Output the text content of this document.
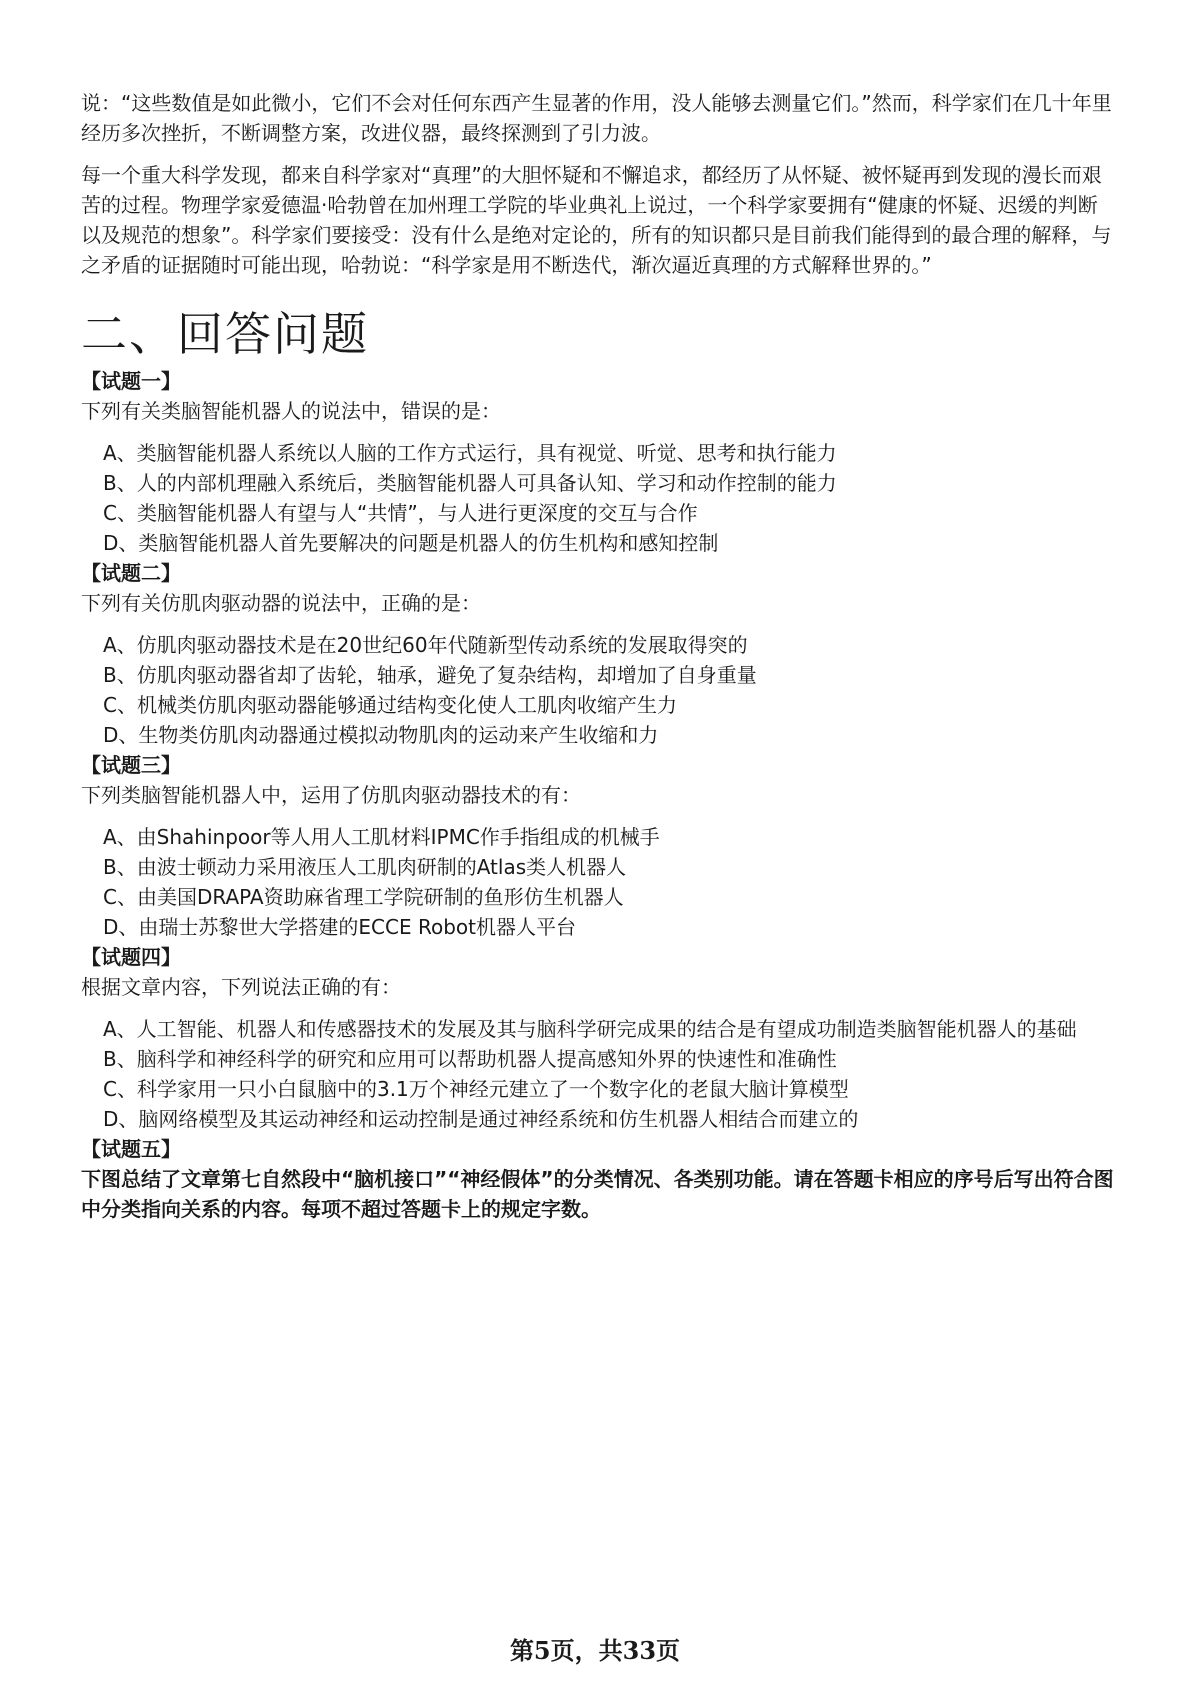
说：“这些数值是如此微小，它们不会对任何东西产生显著的作用，没人能够去测量它们。”然而，科学家们在几十年里经历多次挫折，不断调整方案，改进仪器，最终探测到了引力波。

每一个重大科学发现，都来自科学家对“真理”的大胆怀疑和不懈追求，都经历了从怀疑、被怀疑再到发现的漫长而艰苦的过程。物理学家爱德温·哈勃曾在加州理工学院的毕业典礼上说过，一个科学家要拥有“健康的怀疑、迟缓的判断以及规范的想象”。科学家们要接受：没有什么是绝对定论的，所有的知识都只是目前我们能得到的最合理的解释，与之矛盾的证据随时可能出现，哈勃说：“科学家是用不断迭代，渐次逼近真理的方式解释世界的。”

二、回答问题

【试题一】

下列有关类脑智能机器人的说法中，错误的是：

A、类脑智能机器人系统以人脑的工作方式运行，具有视觉、听觉、思考和执行能力
B、人的内部机理融入系统后，类脑智能机器人可具备认知、学习和动作控制的能力
C、类脑智能机器人有望与人“共情”，与人进行更深度的交互与合作
D、类脑智能机器人首先要解决的问题是机器人的仿生机构和感知控制

【试题二】

下列有关仿肌肉驱动器的说法中，正确的是：

A、仿肌肉驱动器技术是在20世纪60年代随新型传动系统的发展取得突的
B、仿肌肉驱动器省却了齿轮，轴承，避免了复杂结构，却增加了自身重量
C、机械类仿肌肉驱动器能够通过结构变化使人工肌肉收缩产生力
D、生物类仿肌肉动器通过模拟动物肌肉的运动来产生收缩和力

【试题三】

下列类脑智能机器人中，运用了仿肌肉驱动器技术的有：

A、由Shahinpoor等人用人工肌材料IPMC作手指组成的机械手
B、由波士顿动力采用液压人工肌肉研制的Atlas类人机器人
C、由美国DRAPA资助麻省理工学院研制的鱼形仿生机器人
D、由瑞士苏黎世大学搭建的ECCE Robot机器人平台

【试题四】

根据文章内容，下列说法正确的有：

A、人工智能、机器人和传感器技术的发展及其与脑科学研完成果的结合是有望成功制造类脑智能机器人的基础
B、脑科学和神经科学的研究和应用可以帮助机器人提高感知外界的快速性和准确性
C、科学家用一只小白鼠脑中的3.1万个神经元建立了一个数字化的老鼠大脑计算模型
D、脑网络模型及其运动神经和运动控制是通过神经系统和仿生机器人相结合而建立的

【试题五】

下图总结了文章第七自然段中“脑机接口”“神经假体”的分类情况、各类别功能。请在答题卡相应的序号后写出符合图中分类指向关系的内容。每项不超过答题卡上的规定字数。

第5页，共33页
